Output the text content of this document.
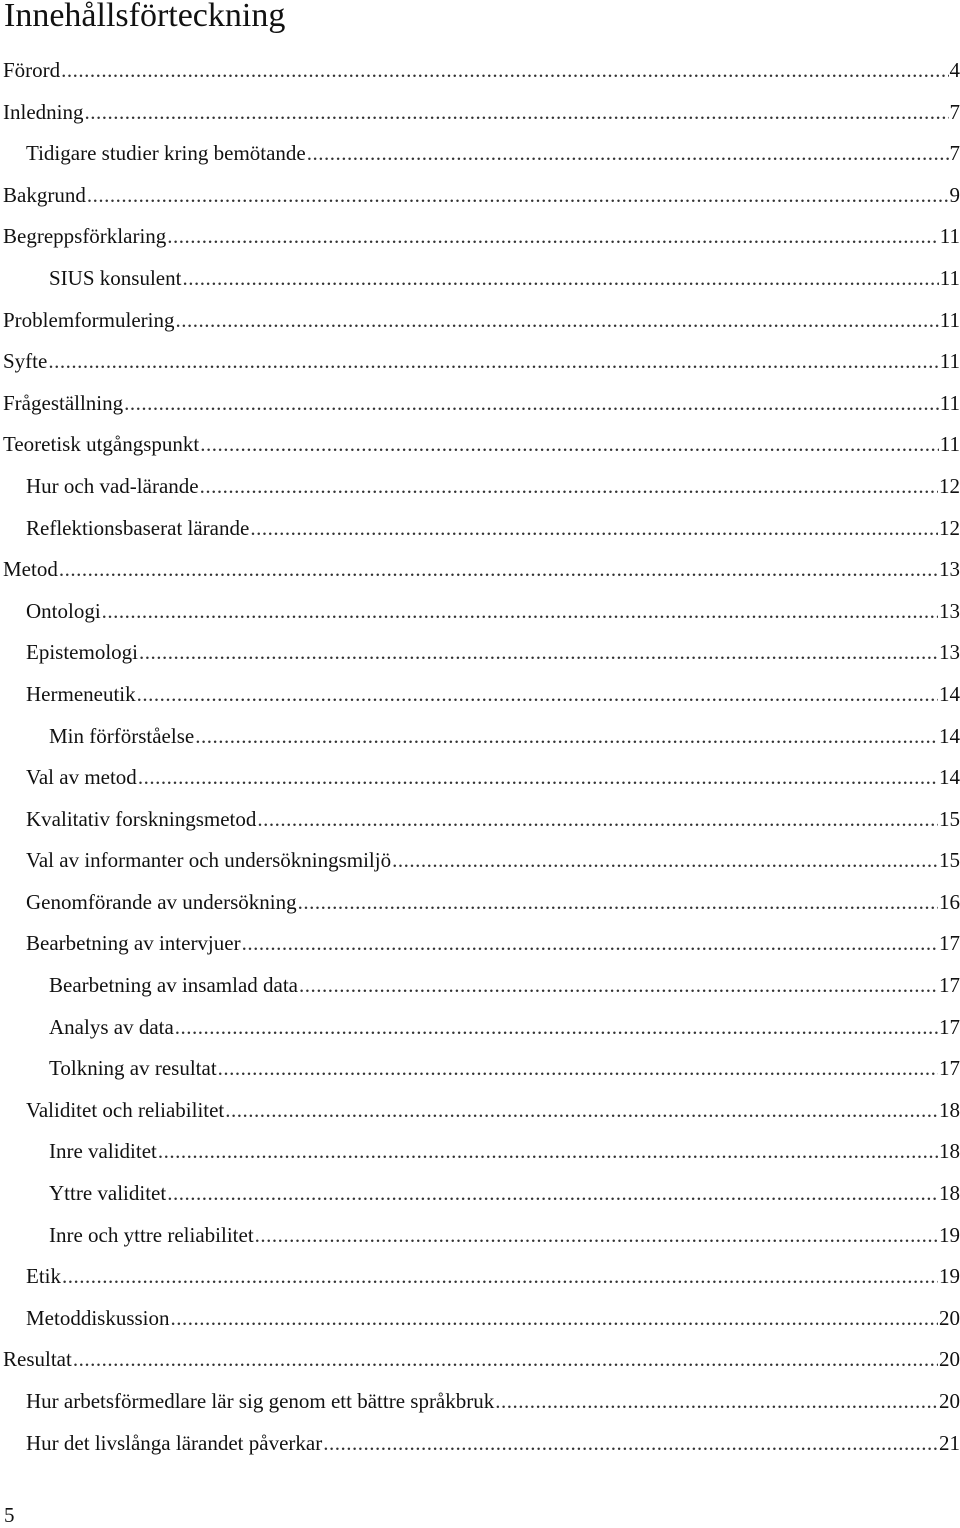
Innehållsförteckning
Förord .....	4
Inledning .....	7
Tidigare studier kring bemötande .....	7
Bakgrund .....	9
Begreppsförklaring .....	11
SIUS konsulent .....	11
Problemformulering .....	11
Syfte .....	11
Frågeställning .....	11
Teoretisk utgångspunkt .....	11
Hur och vad-lärande .....	12
Reflektionsbaserat lärande .....	12
Metod .....	13
Ontologi .....	13
Epistemologi .....	13
Hermeneutik .....	14
Min förförståelse .....	14
Val av metod .....	14
Kvalitativ forskningsmetod .....	15
Val av informanter och undersökningsmiljö .....	15
Genomförande av undersökning .....	16
Bearbetning av intervjuer .....	17
Bearbetning av insamlad data .....	17
Analys av data .....	17
Tolkning av resultat .....	17
Validitet och reliabilitet .....	18
Inre validitet .....	18
Yttre validitet .....	18
Inre och yttre reliabilitet .....	19
Etik .....	19
Metoddiskussion .....	20
Resultat .....	20
Hur arbetsförmedlare lär sig genom ett bättre språkbruk .....	20
Hur det livslånga lärandet påverkar .....	21
5
